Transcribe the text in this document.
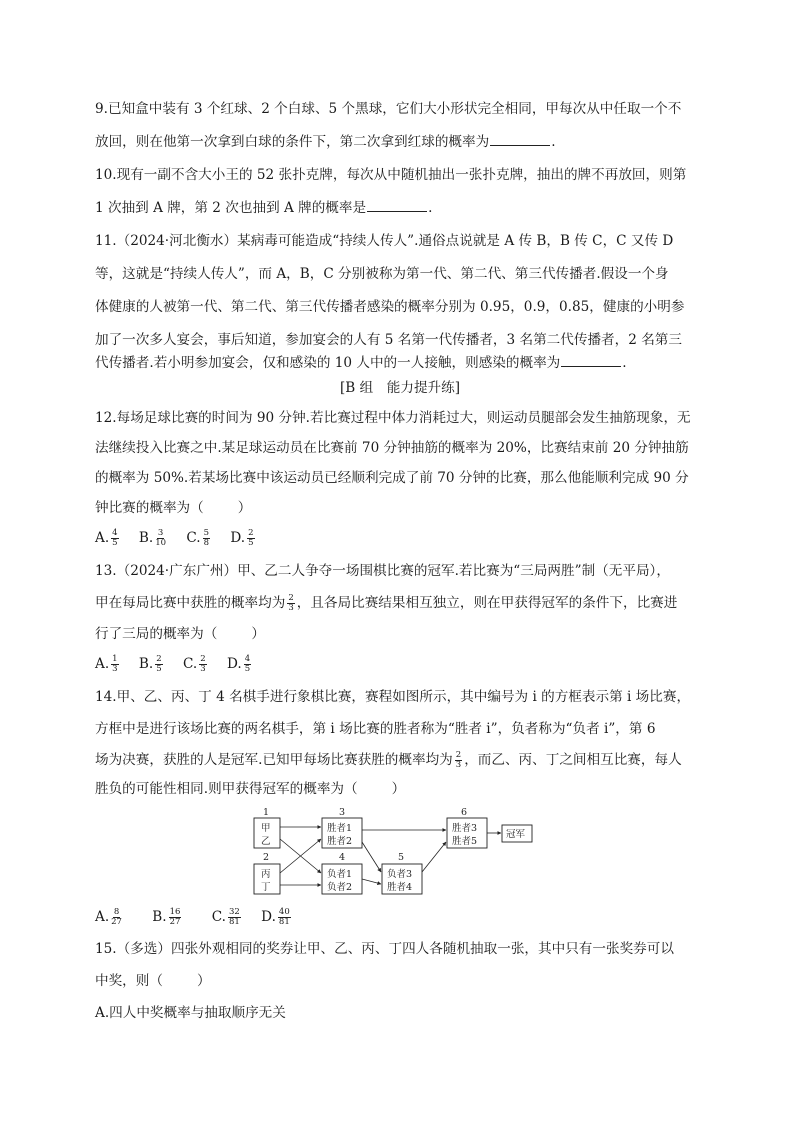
9.已知盒中装有 3 个红球、2 个白球、5 个黑球，它们大小形状完全相同，甲每次从中任取一个不
放回，则在他第一次拿到白球的条件下，第二次拿到红球的概率为	.
10.现有一副不含大小王的 52 张扑克牌，每次从中随机抽出一张扑克牌，抽出的牌不再放回，则第
1 次抽到 A 牌，第 2 次也抽到 A 牌的概率是	.
11.（2024·河北衡水）某病毒可能造成“持续人传人”.通俗点说就是 A 传 B，B 传 C，C 又传 D
等，这就是“持续人传人”，而 A，B，C 分别被称为第一代、第二代、第三代传播者.假设一个身
体健康的人被第一代、第二代、第三代传播者感染的概率分别为 0.95，0.9，0.85，健康的小明参
加了一次多人宴会，事后知道，参加宴会的人有 5 名第一代传播者，3 名第二代传播者，2 名第三
代传播者.若小明参加宴会，仅和感染的 10 人中的一人接触，则感染的概率为	.
[B 组　能力提升练]
12.每场足球比赛的时间为 90 分钟.若比赛过程中体力消耗过大，则运动员腿部会发生抽筋现象，无
法继续投入比赛之中.某足球运动员在比赛前 70 分钟抽筋的概率为 20%，比赛结束前 20 分钟抽筋
的概率为 50%.若某场比赛中该运动员已经顺利完成了前 70 分钟的比赛，那么他能顺利完成 90 分
钟比赛的概率为（	）
A. $\frac{4}{5} B$. $\frac{3}{10} C$. $\frac{5}{8} D$. $\frac{2}{5}$
13.（2024·广东广州）甲、乙二人争夺一场围棋比赛的冠军.若比赛为“三局两胜”制（无平局），
甲在每局比赛中获胜的概率均为 $\frac{2}{3}$ ，且各局比赛结果相互独立，则在甲获得冠军的条件下，比赛进
行了三局的概率为（	）
A. $\frac{1}{3} B$. $\frac{2}{5} C$. $\frac{2}{3} D$. $\frac{4}{5}$
14.甲、乙、丙、丁 4 名棋手进行象棋比赛，赛程如图所示，其中编号为 i 的方框表示第 i 场比赛，
方框中是进行该场比赛的两名棋手，第 i 场比赛的胜者称为“胜者 i”，负者称为“负者 i”，第 6
场为决赛，获胜的人是冠军.已知甲每场比赛获胜的概率均为 $\frac{2}{3}$ ，而乙、丙、丁之间相互比赛，每人
胜负的可能性相同.则甲获得冠军的概率为（	）
1
2
3
4	5
6
甲
乙
丙
丁
胜者1
胜者2
负者1
负者2
负者3
胜者4
胜者3
胜者5
冠军
A. $\frac{8}{27} B$. $\frac{16}{27} C$. $\frac{32}{81} D$. $\frac{40}{81}$
15.（多选）四张外观相同的奖券让甲、乙、丙、丁四人各随机抽取一张，其中只有一张奖券可以
中奖，则（	）
A.四人中奖概率与抽取顺序无关
